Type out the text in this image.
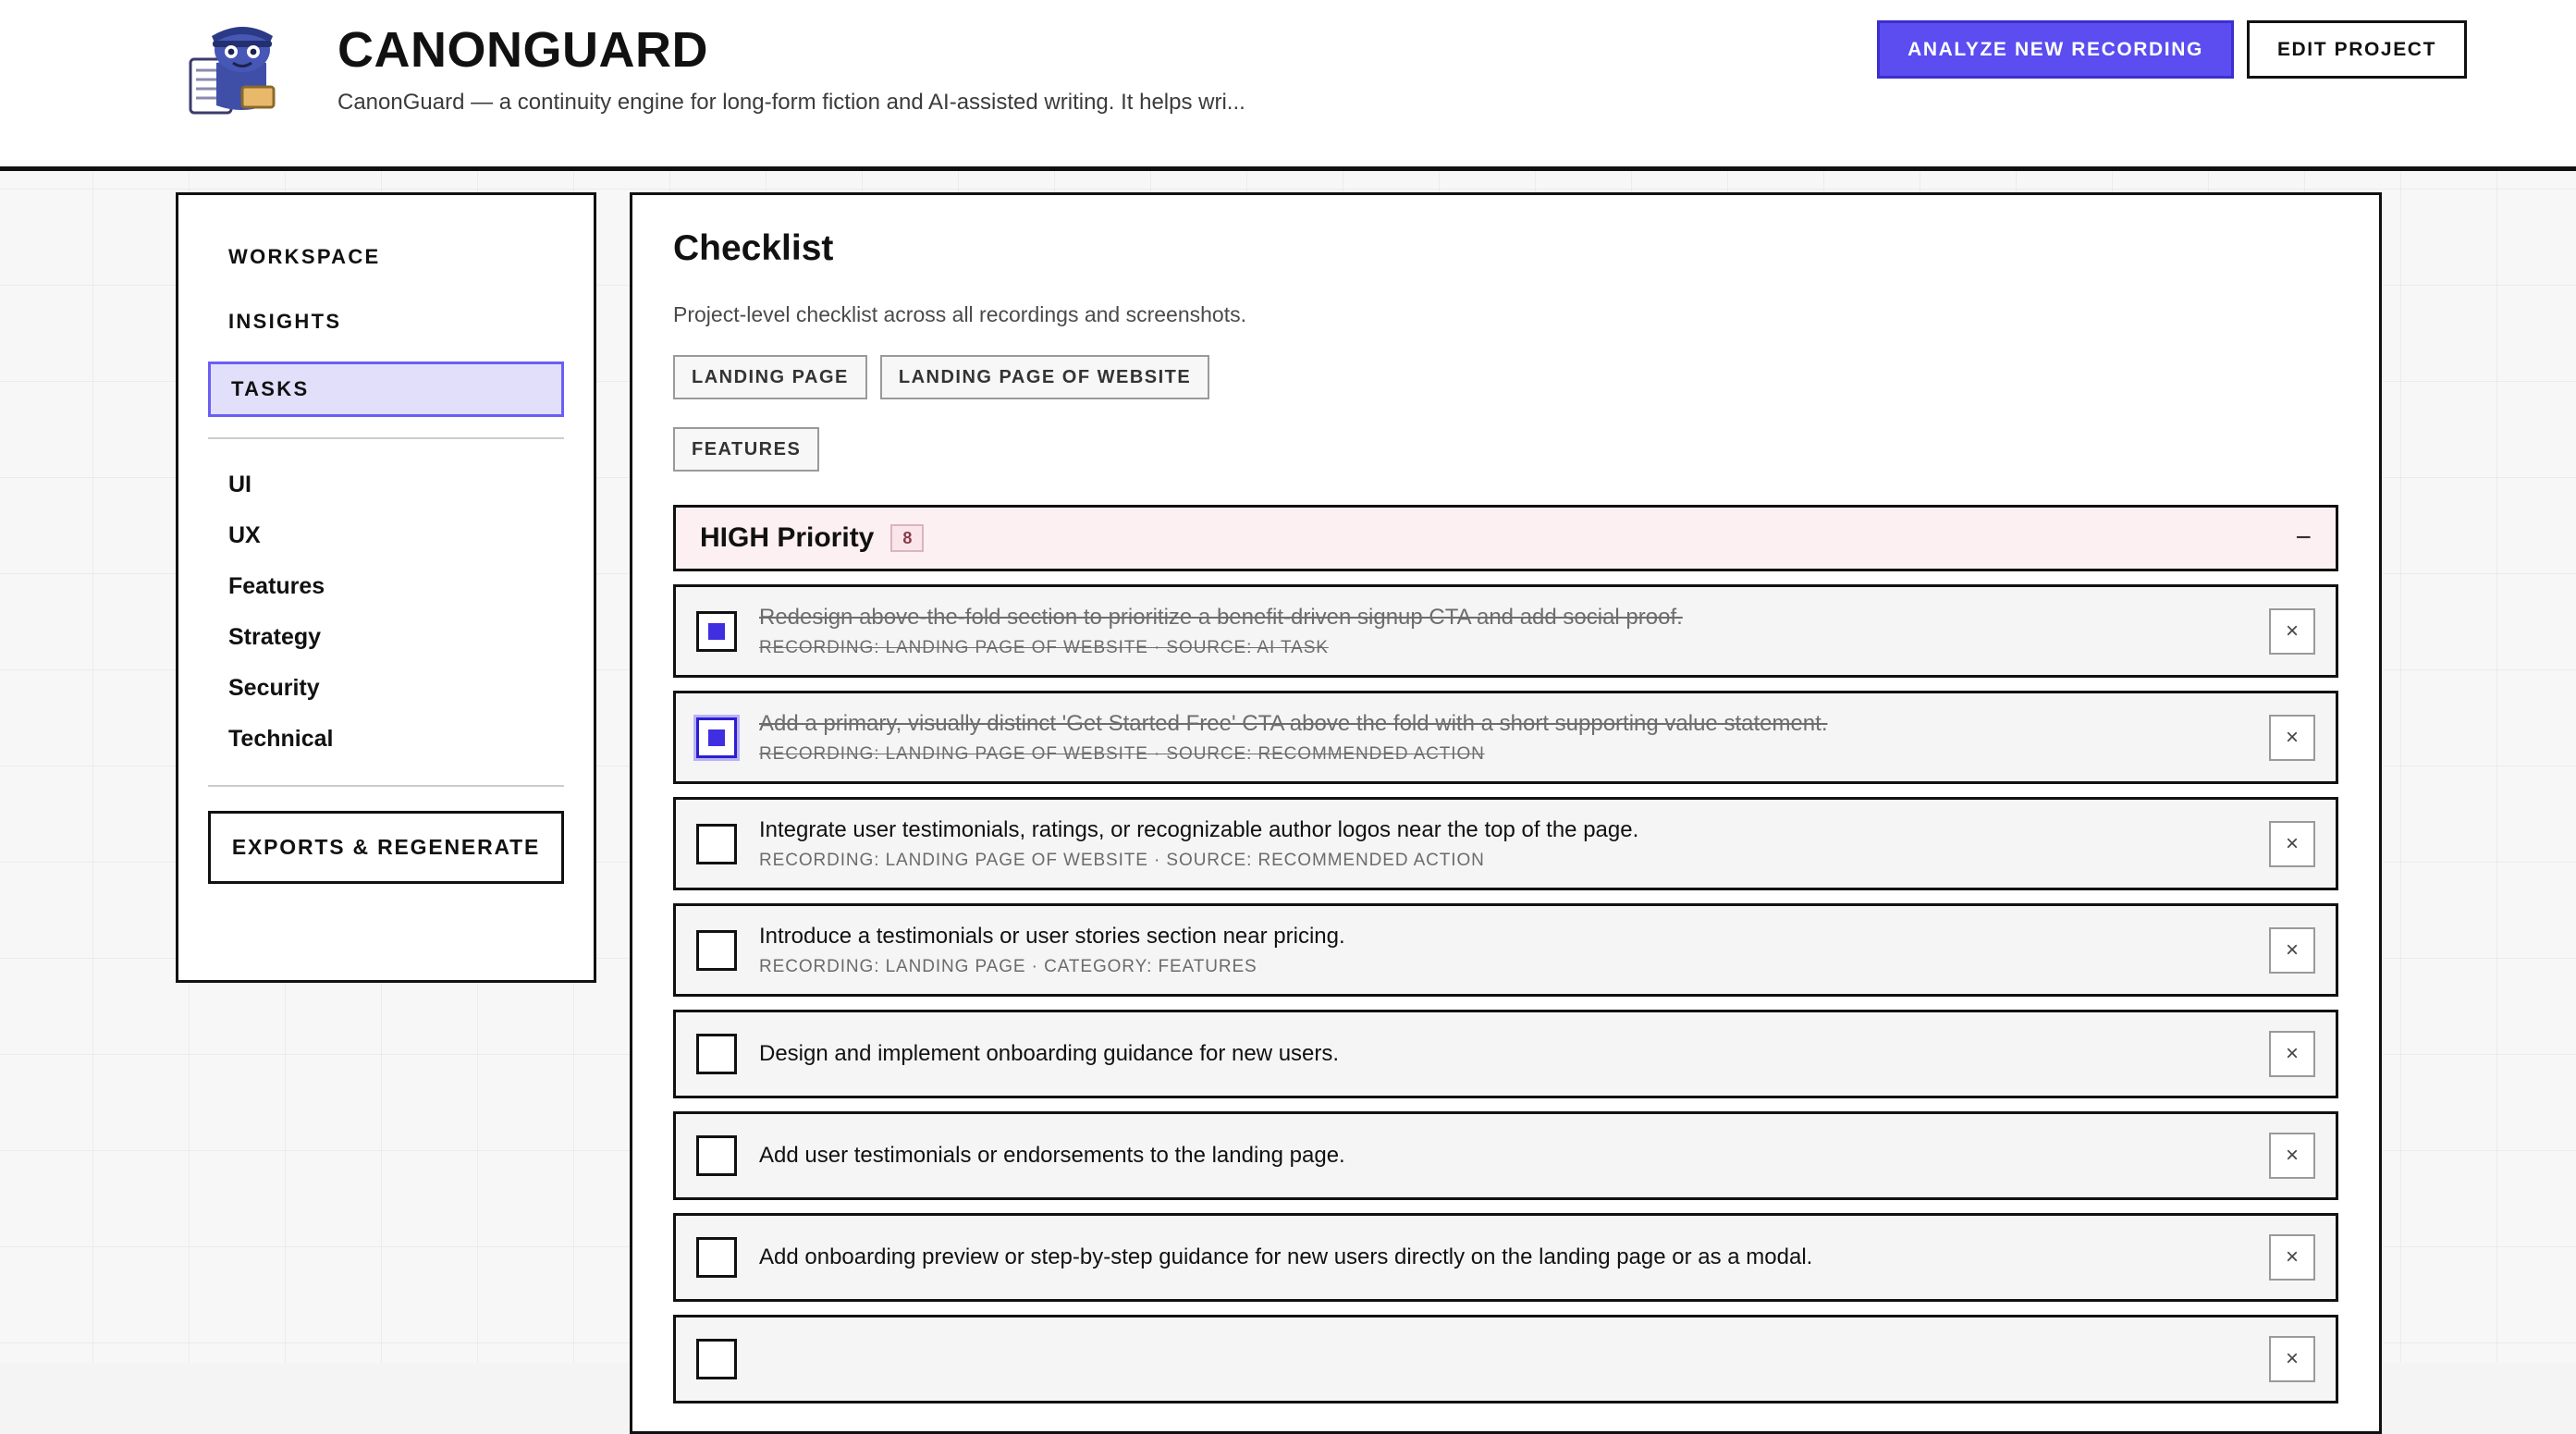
CANONGUARD
CanonGuard — a continuity engine for long-form fiction and AI-assisted writing. It helps wri...
ANALYZE NEW RECORDING	EDIT PROJECT
WORKSPACE
INSIGHTS
TASKS
UI
UX
Features
Strategy
Security
Technical
EXPORTS & REGENERATE
Checklist
Project-level checklist across all recordings and screenshots.
LANDING PAGE	LANDING PAGE OF WEBSITE
FEATURES
HIGH Priority	8	−
Redesign above-the-fold section to prioritize a benefit-driven signup CTA and add social proof.
RECORDING: LANDING PAGE OF WEBSITE · SOURCE: AI TASK
×
Add a primary, visually distinct 'Get Started Free' CTA above the fold with a short supporting value statement.
RECORDING: LANDING PAGE OF WEBSITE · SOURCE: RECOMMENDED ACTION
×
Integrate user testimonials, ratings, or recognizable author logos near the top of the page.
RECORDING: LANDING PAGE OF WEBSITE · SOURCE: RECOMMENDED ACTION
×
Introduce a testimonials or user stories section near pricing.
RECORDING: LANDING PAGE · CATEGORY: FEATURES
×
Design and implement onboarding guidance for new users.	×
Add user testimonials or endorsements to the landing page.	×
Add onboarding preview or step-by-step guidance for new users directly on the landing page or as a modal.	×
×
